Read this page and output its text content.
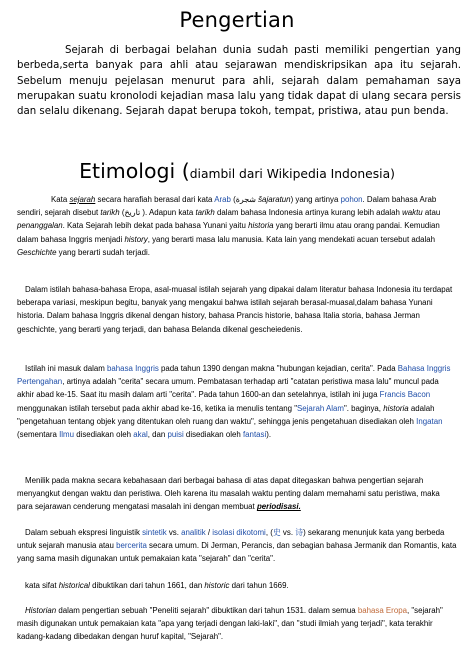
Pengertian
Sejarah di berbagai belahan dunia sudah pasti memiliki pengertian yang berbeda,serta banyak para ahli atau sejarawan mendiskripsikan apa itu sejarah. Sebelum menuju pejelasan menurut para ahli, sejarah dalam pemahaman saya merupakan suatu kronolodi kejadian masa lalu yang tidak dapat di ulang secara persis dan selalu dikenang. Sejarah dapat berupa tokoh, tempat, pristiwa, atau pun benda.
Etimologi (diambil dari Wikipedia Indonesia)
Kata sejarah secara harafiah berasal dari kata Arab (شجرة šajaratun) yang artinya pohon. Dalam bahasa Arab sendiri, sejarah disebut tarikh (تاريخ ). Adapun kata tarikh dalam bahasa Indonesia artinya kurang lebih adalah waktu atau penanggalan. Kata Sejarah lebih dekat pada bahasa Yunani yaitu historia yang berarti ilmu atau orang pandai. Kemudian dalam bahasa Inggris menjadi history, yang berarti masa lalu manusia. Kata lain yang mendekati acuan tersebut adalah Geschichte yang berarti sudah terjadi.
Dalam istilah bahasa-bahasa Eropa, asal-muasal istilah sejarah yang dipakai dalam literatur bahasa Indonesia itu terdapat beberapa variasi, meskipun begitu, banyak yang mengakui bahwa istilah sejarah berasal-muasal,dalam bahasa Yunani historia. Dalam bahasa Inggris dikenal dengan history, bahasa Prancis historie, bahasa Italia storia, bahasa Jerman geschichte, yang berarti yang terjadi, dan bahasa Belanda dikenal gescheiedenis.
Istilah ini masuk dalam bahasa Inggris pada tahun 1390 dengan makna "hubungan kejadian, cerita". Pada Bahasa Inggris Pertengahan, artinya adalah "cerita" secara umum. Pembatasan terhadap arti "catatan peristiwa masa lalu" muncul pada akhir abad ke-15. Saat itu masih dalam arti "cerita". Pada tahun 1600-an dan setelahnya, istilah ini juga Francis Bacon menggunakan istilah tersebut pada akhir abad ke-16, ketika ia menulis tentang "Sejarah Alam". baginya, historia adalah "pengetahuan tentang objek yang ditentukan oleh ruang dan waktu", sehingga jenis pengetahuan disediakan oleh Ingatan (sementara Ilmu disediakan oleh akal, dan puisi disediakan oleh fantasi).
Menilik pada makna secara kebahasaan dari berbagai bahasa di atas dapat ditegaskan bahwa pengertian sejarah menyangkut dengan waktu dan peristiwa. Oleh karena itu masalah waktu penting dalam memahami satu peristiwa, maka para sejarawan cenderung mengatasi masalah ini dengan membuat periodisasi.
Dalam sebuah ekspresi linguistik sintetik vs. analitik / isolasi dikotomi, (史 vs. 诗) sekarang menunjuk kata yang berbeda untuk sejarah manusia atau bercerita secara umum. Di Jerman, Perancis, dan sebagian bahasa Jermanik dan Romantis, kata yang sama masih digunakan untuk pemakaian kata "sejarah" dan "cerita".
kata sifat historical dibuktikan dari tahun 1661, dan historic dari tahun 1669.
Historian dalam pengertian sebuah "Peneliti sejarah" dibuktikan dari tahun 1531. dalam semua bahasa Eropa, "sejarah" masih digunakan untuk pemakaian kata "apa yang terjadi dengan laki-laki", dan "studi ilmiah yang terjadi", kata terakhir kadang-kadang dibedakan dengan huruf kapital, "Sejarah".
